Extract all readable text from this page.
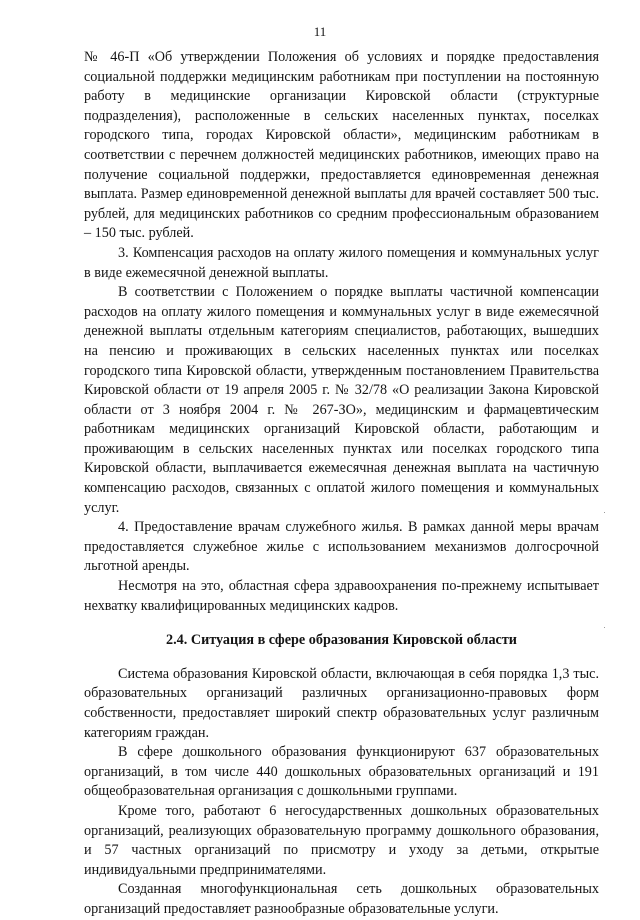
11

№ 46-П «Об утверждении Положения об условиях и порядке предоставления социальной поддержки медицинским работникам при поступлении на постоянную работу в медицинские организации Кировской области (структурные подразделения), расположенные в сельских населенных пунктах, поселках городского типа, городах Кировской области», медицинским работникам в соответствии с перечнем должностей медицинских работников, имеющих право на получение социальной поддержки, предоставляется единовременная денежная выплата. Размер единовременной денежной выплаты для врачей составляет 500 тыс. рублей, для медицинских работников со средним профессиональным образованием – 150 тыс. рублей.

3. Компенсация расходов на оплату жилого помещения и коммунальных услуг в виде ежемесячной денежной выплаты.

В соответствии с Положением о порядке выплаты частичной компенсации расходов на оплату жилого помещения и коммунальных услуг в виде ежемесячной денежной выплаты отдельным категориям специалистов, работающих, вышедших на пенсию и проживающих в сельских населенных пунктах или поселках городского типа Кировской области, утвержденным постановлением Правительства Кировской области от 19 апреля 2005 г. № 32/78 «О реализации Закона Кировской области от 3 ноября 2004 г. № 267-ЗО», медицинским и фармацевтическим работникам медицинских организаций Кировской области, работающим и проживающим в сельских населенных пунктах или поселках городского типа Кировской области, выплачивается ежемесячная денежная выплата на частичную компенсацию расходов, связанных с оплатой жилого помещения и коммунальных услуг.

4. Предоставление врачам служебного жилья. В рамках данной меры врачам предоставляется служебное жилье с использованием механизмов долгосрочной льготной аренды.

Несмотря на это, областная сфера здравоохранения по-прежнему испытывает нехватку квалифицированных медицинских кадров.

2.4. Ситуация в сфере образования Кировской области

Система образования Кировской области, включающая в себя порядка 1,3 тыс. образовательных организаций различных организационно-правовых форм собственности, предоставляет широкий спектр образовательных услуг различным категориям граждан.

В сфере дошкольного образования функционируют 637 образовательных организаций, в том числе 440 дошкольных образовательных организаций и 191 общеобразовательная организация с дошкольными группами.

Кроме того, работают 6 негосударственных дошкольных образовательных организаций, реализующих образовательную программу дошкольного образования, и 57 частных организаций по присмотру и уходу за детьми, открытые индивидуальными предпринимателями.

Созданная многофункциональная сеть дошкольных образовательных организаций предоставляет разнообразные образовательные услуги.
